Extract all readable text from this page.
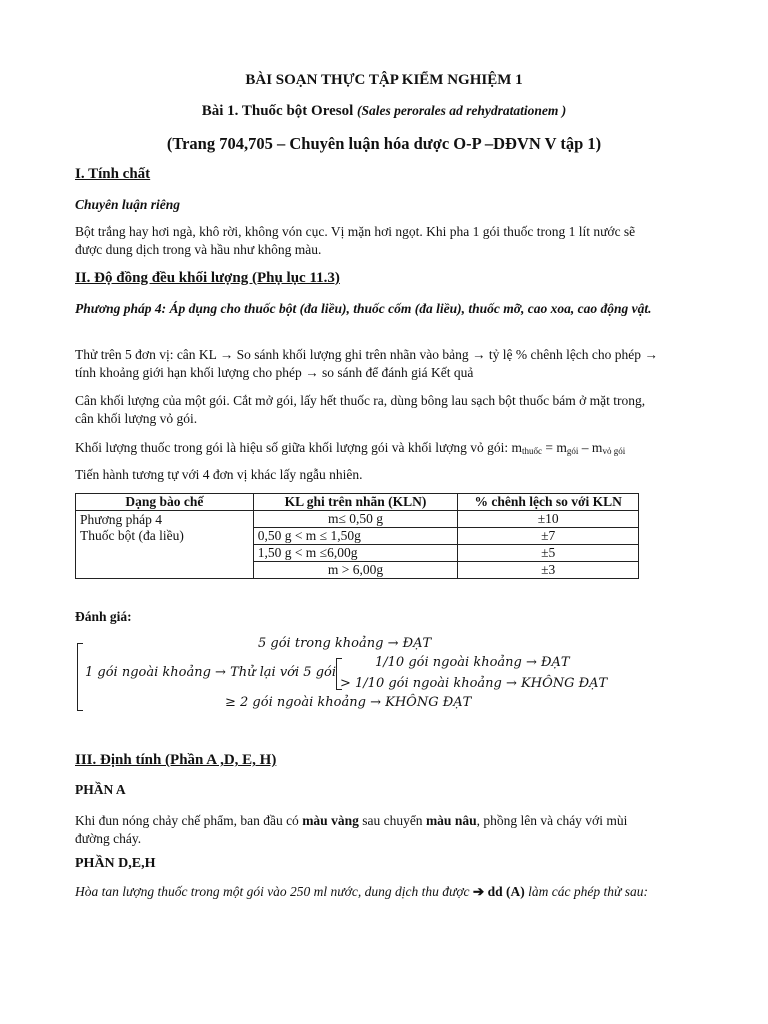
BÀI SOẠN THỰC TẬP KIỂM NGHIỆM 1
Bài 1. Thuốc bột Oresol (Sales perorales ad rehydratationem )
(Trang 704,705 – Chuyên luận hóa dược O-P –DĐVN V tập 1)
I. Tính chất
Chuyên luận riêng
Bột trắng hay hơi ngà, khô rời, không vón cục. Vị mặn hơi ngọt. Khi pha 1 gói thuốc trong 1 lít nước sẽ
được dung dịch trong và hầu như không màu.
II. Độ đồng đều khối lượng (Phụ lục 11.3)
Phương pháp 4: Áp dụng cho thuốc bột (đa liều), thuốc cốm (đa liều), thuốc mỡ, cao xoa, cao động vật.
Thử trên 5 đơn vị: cân KL → So sánh khối lượng ghi trên nhãn vào bảng → tỷ lệ % chênh lệch cho phép →
tính khoảng giới hạn khối lượng cho phép → so sánh để đánh giá Kết quả
Cân khối lượng của một gói. Cắt mở gói, lấy hết thuốc ra, dùng bông lau sạch bột thuốc bám ở mặt trong,
cân khối lượng vỏ gói.
Khối lượng thuốc trong gói là hiệu số giữa khối lượng gói và khối lượng vỏ gói: $m_{thuốc} = m_{gói} - m_{vỏ gói}$
Tiến hành tương tự với 4 đơn vị khác lấy ngẫu nhiên.
Dạng bào chế	KL ghi trên nhãn (KLN)	% chênh lệch so với KLN

Phương pháp 4
Thuốc bột (đa liều)	m≤ 0,50 g	±10
	0,50 g < m ≤ 1,50g	±7
	1,50 g < m ≤6,00g	±5
	m > 6,00g	±3
Đánh giá:
5 gói trong khoảng → ĐẠT
1 gói ngoài khoảng → Thử lại với 5 gói
1/10 gói ngoài khoảng → ĐẠT
> 1/10 gói ngoài khoảng → KHÔNG ĐẠT
≥ 2 gói ngoài khoảng → KHÔNG ĐẠT
III. Định tính (Phần A ,D, E, H)
PHẦN A
Khi đun nóng chảy chế phẩm, ban đầu có màu vàng sau chuyển màu nâu, phồng lên và cháy với mùi
đường cháy.
PHẦN D,E,H
Hòa tan lượng thuốc trong một gói vào 250 ml nước, dung dịch thu được ➔ dd (A) làm các phép thử sau:
